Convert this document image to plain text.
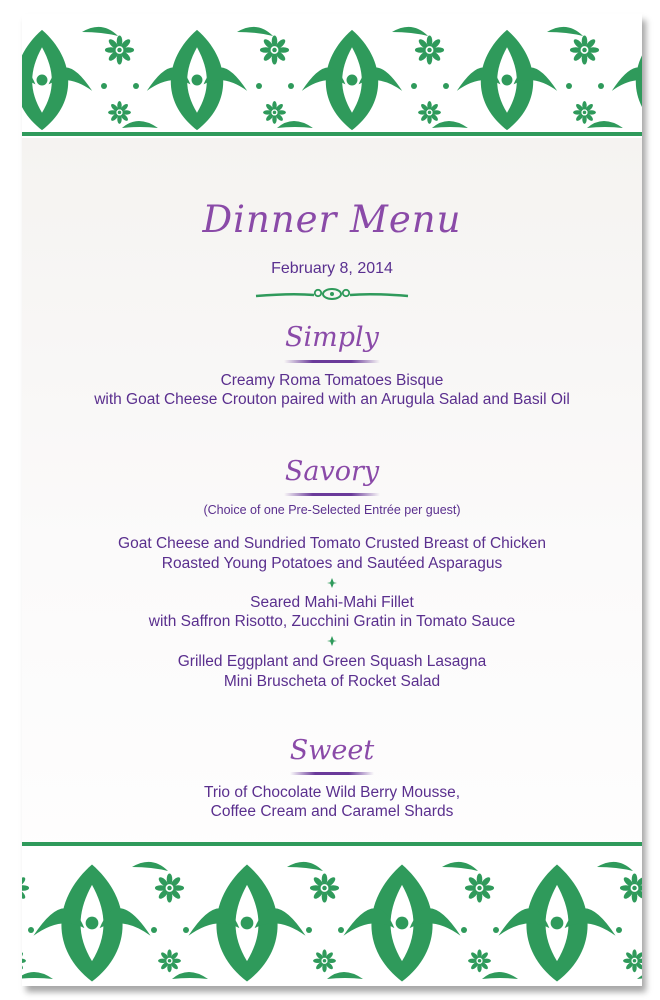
Dinner Menu
February 8, 2014
Simply
Creamy Roma Tomatoes Bisque
with Goat Cheese Crouton paired with an Arugula Salad and Basil Oil
Savory
(Choice of one Pre-Selected Entrée per guest)
Goat Cheese and Sundried Tomato Crusted Breast of Chicken
Roasted Young Potatoes and Sautéed Asparagus
Seared Mahi-Mahi Fillet
with Saffron Risotto, Zucchini Gratin in Tomato Sauce
Grilled Eggplant and Green Squash Lasagna
Mini Bruscheta of Rocket Salad
Sweet
Trio of Chocolate Wild Berry Mousse,
Coffee Cream and Caramel Shards
